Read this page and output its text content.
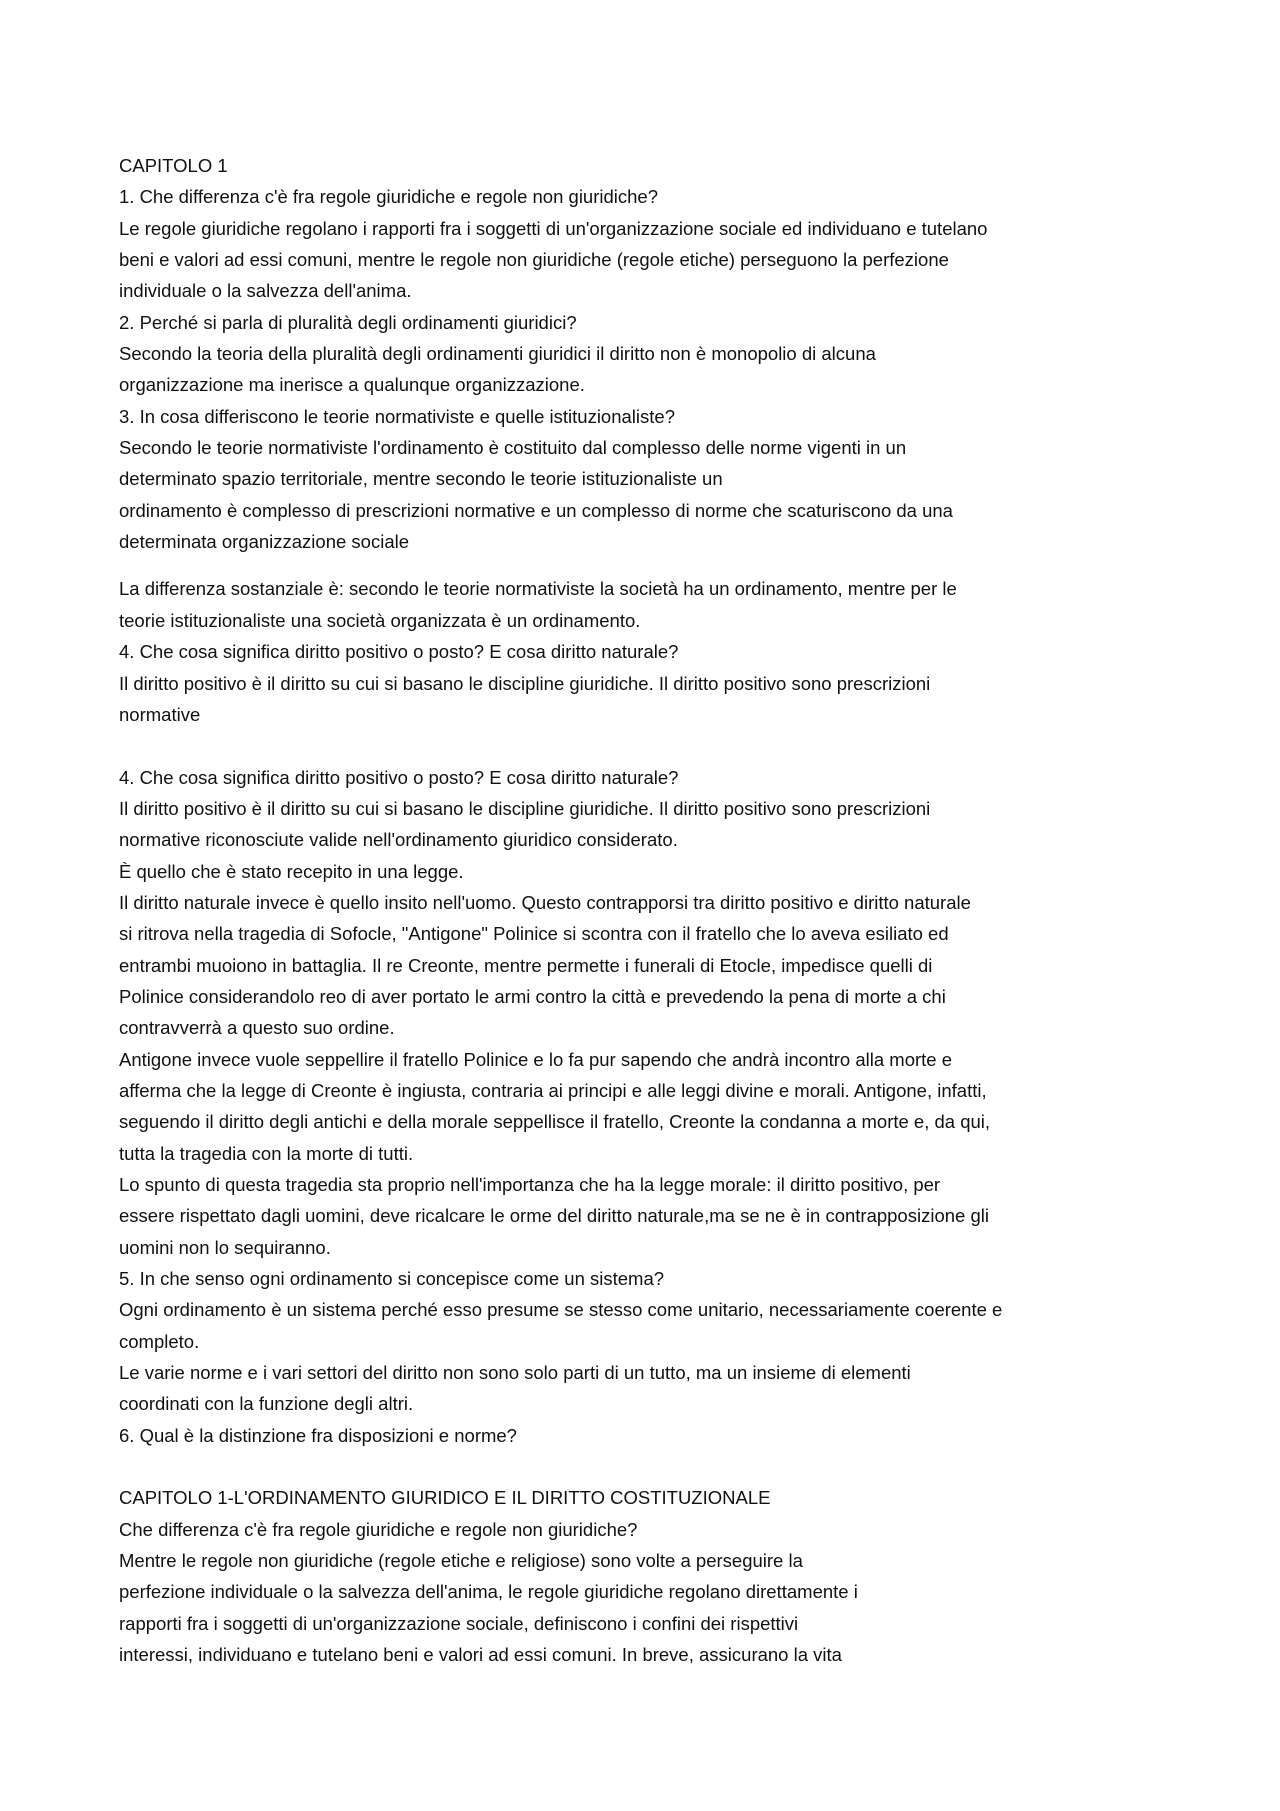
CAPITOLO 1
1. Che differenza c'è fra regole giuridiche e regole non giuridiche?
Le regole giuridiche regolano i rapporti fra i soggetti di un'organizzazione sociale ed individuano e tutelano
beni e valori ad essi comuni, mentre le regole non giuridiche (regole etiche) perseguono la perfezione
individuale o la salvezza dell'anima.
2. Perché si parla di pluralità degli ordinamenti giuridici?
Secondo la teoria della pluralità degli ordinamenti giuridici il diritto non è monopolio di alcuna
organizzazione ma inerisce a qualunque organizzazione.
3. In cosa differiscono le teorie normativiste e quelle istituzionaliste?
Secondo le teorie normativiste l'ordinamento è costituito dal complesso delle norme vigenti in un
determinato spazio territoriale, mentre secondo le teorie istituzionaliste un
ordinamento è complesso di prescrizioni normative e un complesso di norme che scaturiscono da una
determinata organizzazione sociale
La differenza sostanziale è: secondo le teorie normativiste la società ha un ordinamento, mentre per le
teorie istituzionaliste una società organizzata è un ordinamento.
4. Che cosa significa diritto positivo o posto? E cosa diritto naturale?
Il diritto positivo è il diritto su cui si basano le discipline giuridiche. Il diritto positivo sono prescrizioni
normative
4. Che cosa significa diritto positivo o posto? E cosa diritto naturale?
Il diritto positivo è il diritto su cui si basano le discipline giuridiche. Il diritto positivo sono prescrizioni
normative riconosciute valide nell'ordinamento giuridico considerato.
È quello che è stato recepito in una legge.
Il diritto naturale invece è quello insito nell'uomo. Questo contrapporsi tra diritto positivo e diritto naturale
si ritrova nella tragedia di Sofocle, "Antigone" Polinice si scontra con il fratello che lo aveva esiliato ed
entrambi muoiono in battaglia. Il re Creonte, mentre permette i funerali di Etocle, impedisce quelli di
Polinice considerandolo reo di aver portato le armi contro la città e prevedendo la pena di morte a chi
contravverrà a questo suo ordine.
Antigone invece vuole seppellire il fratello Polinice e lo fa pur sapendo che andrà incontro alla morte e
afferma che la legge di Creonte è ingiusta, contraria ai principi e alle leggi divine e morali. Antigone, infatti,
seguendo il diritto degli antichi e della morale seppellisce il fratello, Creonte la condanna a morte e, da qui,
tutta la tragedia con la morte di tutti.
Lo spunto di questa tragedia sta proprio nell'importanza che ha la legge morale: il diritto positivo, per
essere rispettato dagli uomini, deve ricalcare le orme del diritto naturale,ma se ne è in contrapposizione gli
uomini non lo sequiranno.
5. In che senso ogni ordinamento si concepisce come un sistema?
Ogni ordinamento è un sistema perché esso presume se stesso come unitario, necessariamente coerente e
completo.
Le varie norme e i vari settori del diritto non sono solo parti di un tutto, ma un insieme di elementi
coordinati con la funzione degli altri.
6. Qual è la distinzione fra disposizioni e norme?
CAPITOLO 1-L'ORDINAMENTO GIURIDICO E IL DIRITTO COSTITUZIONALE
Che differenza c'è fra regole giuridiche e regole non giuridiche?
Mentre le regole non giuridiche (regole etiche e religiose) sono volte a perseguire la
perfezione individuale o la salvezza dell'anima, le regole giuridiche regolano direttamente i
rapporti fra i soggetti di un'organizzazione sociale, definiscono i confini dei rispettivi
interessi, individuano e tutelano beni e valori ad essi comuni. In breve, assicurano la vita
